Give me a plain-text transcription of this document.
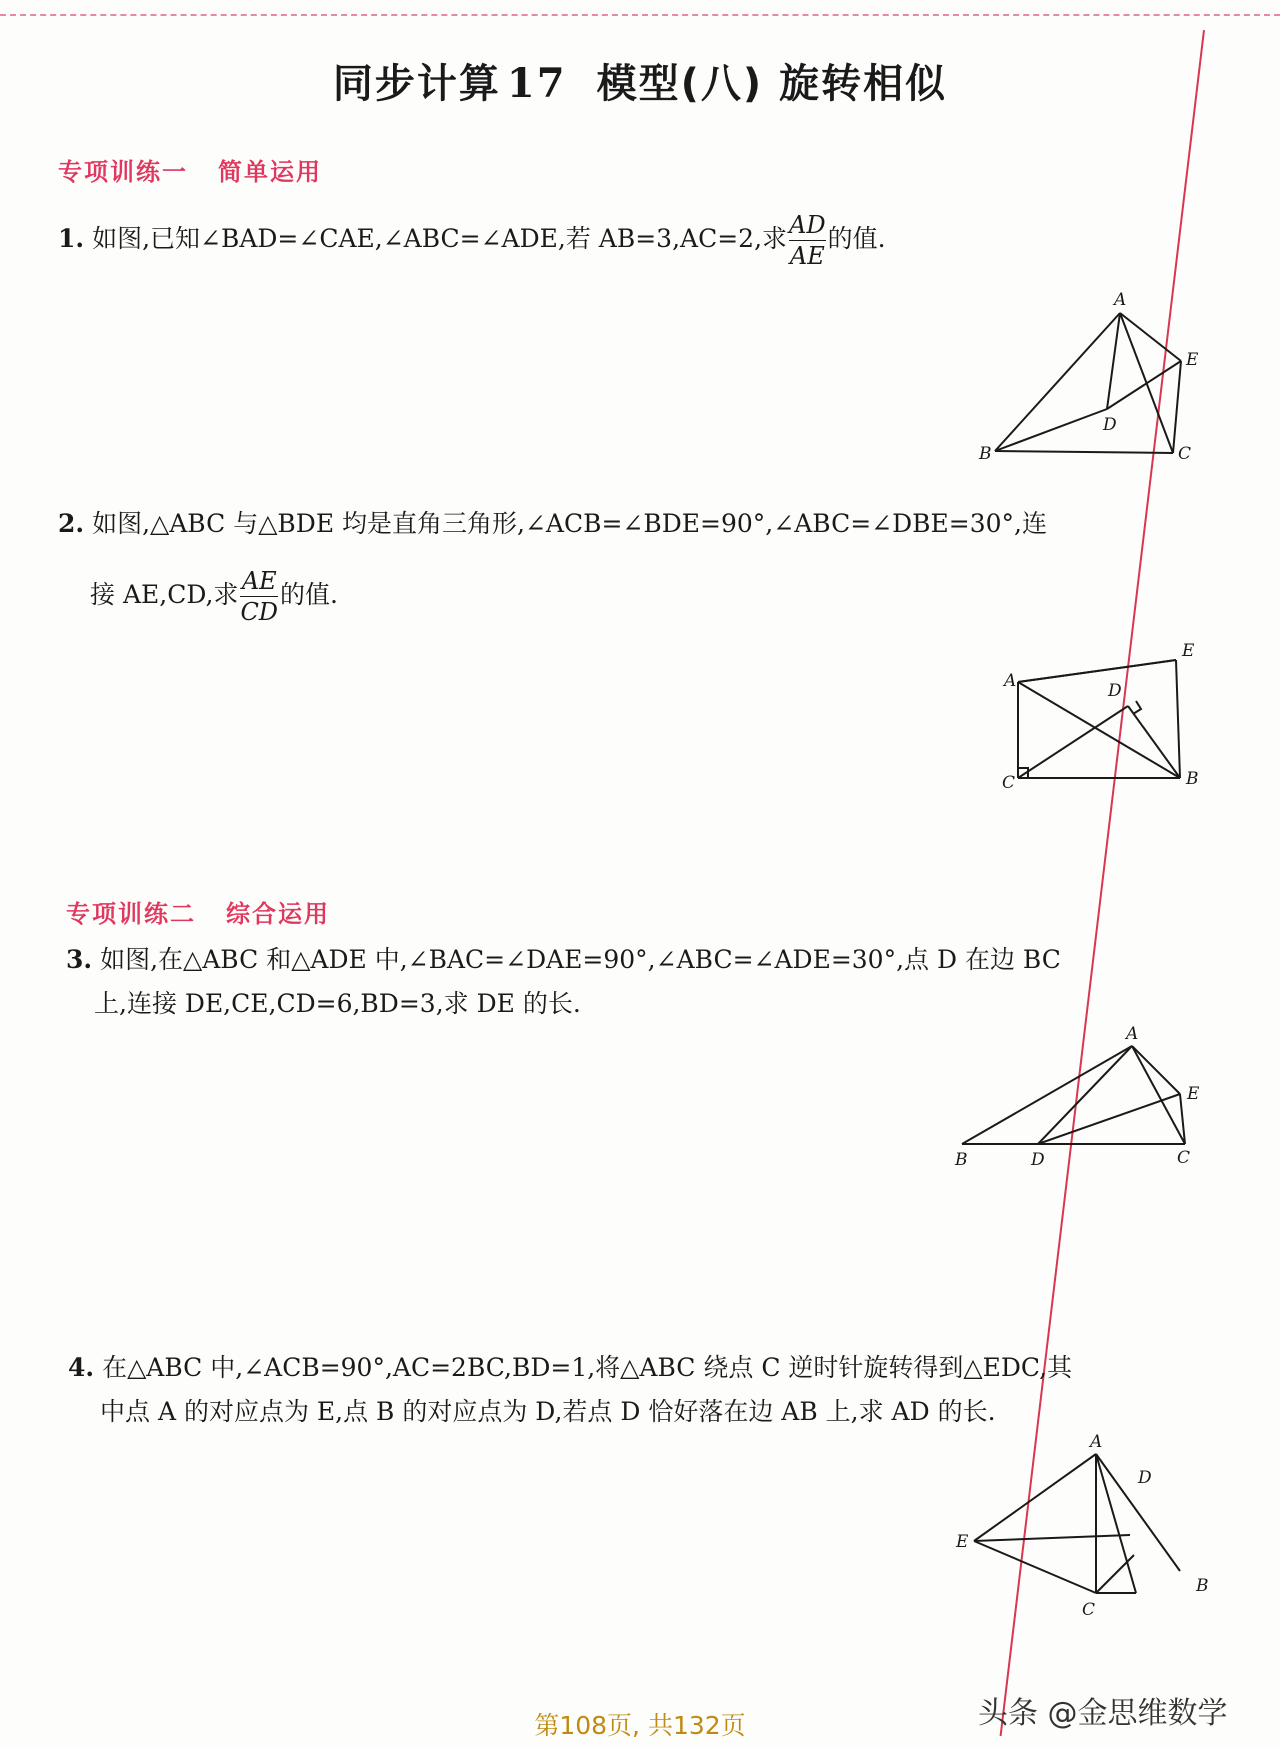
同步计算 17 模型(八) 旋转相似
专项训练一 简单运用
1. 如图,已知∠BAD=∠CAE,∠ABC=∠ADE,若 AB=3,AC=2,求 $\frac{AD}{AE}$ 的值.
A
E
D
B	C
2. 如图,△ABC 与△BDE 均是直角三角形,∠ACB=∠BDE=90°,∠ABC=∠DBE=30°,连
接 AE,CD,求 $\frac{AE}{CD}$ 的值.
E
A	D
C	B
专项训练二 综合运用
3. 如图,在△ABC 和△ADE 中,∠BAC=∠DAE=90°,∠ABC=∠ADE=30°,点 D 在边 BC
上,连接 DE,CE,CD=6,BD=3,求 DE 的长.
A
E
B	D	C
4. 在△ABC 中,∠ACB=90°,AC=2BC,BD=1,将△ABC 绕点 C 逆时针旋转得到△EDC,其
中点 A 的对应点为 E,点 B 的对应点为 D,若点 D 恰好落在边 AB 上,求 AD 的长.
A
D
E
B
C
头条 @金思维数学
第108页, 共132页
